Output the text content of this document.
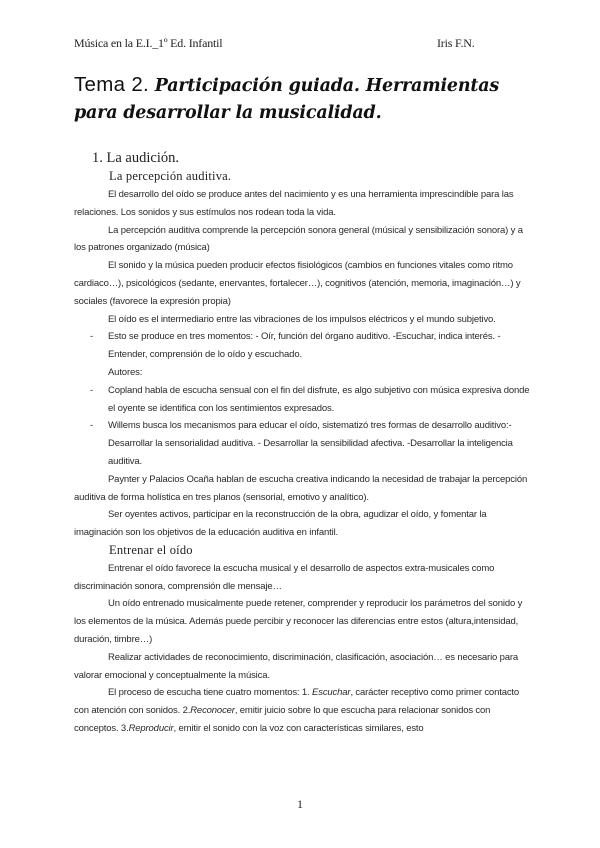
Música en la E.I._1º Ed. Infantil	Iris F.N.
Tema 2. Participación guiada. Herramientas para desarrollar la musicalidad.
1. La audición.
La percepción auditiva.

El desarrollo del oído se produce antes del nacimiento y es una herramienta imprescindible para las relaciones. Los sonidos y sus estímulos nos rodean toda la vida.

La percepción auditiva comprende la percepción sonora general (músical y sensibilización sonora) y a los patrones organizado (música)

El sonido y la música pueden producir efectos fisiológicos (cambios en funciones vitales como ritmo cardiaco…), psicológicos (sedante, enervantes, fortalecer…), cognitivos (atención, memoria, imaginación…) y sociales (favorece la expresión propia)

El oído es el intermediario entre las vibraciones de los impulsos eléctricos y el mundo subjetivo.

- Esto se produce en tres momentos: - Oír, función del órgano auditivo. -Escuchar, indica interés. -Entender, comprensión de lo oído y escuchado.
Autores:
- Copland habla de escucha sensual con el fin del disfrute, es algo subjetivo con música expresiva donde el oyente se identifica con los sentimientos expresados.
- Willems busca los mecanismos para educar el oído, sistematizó tres formas de desarrollo auditivo:-Desarrollar la sensorialidad auditiva. - Desarrollar la sensibilidad afectiva. -Desarrollar la inteligencia auditiva.

Paynter y Palacios Ocaña hablan de escucha creativa indicando la necesidad de trabajar la percepción auditiva de forma holística en tres planos (sensorial, emotivo y analítico).

Ser oyentes activos, participar en la reconstrucción de la obra, agudizar el oído, y fomentar la imaginación son los objetivos de la educación auditiva en infantil.

Entrenar el oído

Entrenar el oído favorece la escucha musical y el desarrollo de aspectos extra-musicales como discriminación sonora, comprensión dle mensaje…

Un oído entrenado musicalmente puede retener, comprender y reproducir los parámetros del sonido y los elementos de la música. Además puede percibir y reconocer las diferencias entre estos (altura,intensidad, duración, timbre…)

Realizar actividades de reconocimiento, discriminación, clasificación, asociación… es necesario para valorar emocional y conceptualmente la música.

El proceso de escucha tiene cuatro momentos: 1. Escuchar, carácter receptivo como primer contacto con atención con sonidos. 2.Reconocer, emitir juicio sobre lo que escucha para relacionar sonidos con conceptos. 3.Reproducir, emitir el sonido con la voz con características similares, esto

1
